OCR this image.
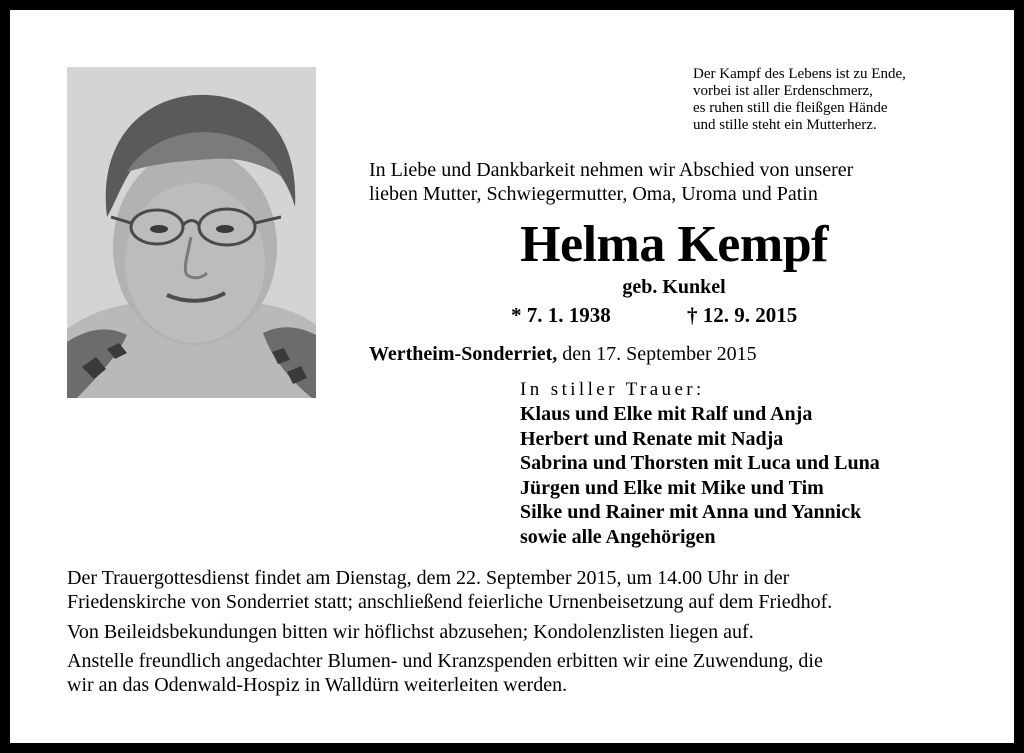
Der Kampf des Lebens ist zu Ende,
vorbei ist aller Erdenschmerz,
es ruhen still die fleißgen Hände
und stille steht ein Mutterherz.
In Liebe und Dankbarkeit nehmen wir Abschied von unserer
lieben Mutter, Schwiegermutter, Oma, Uroma und Patin
Helma Kempf
geb. Kunkel
* 7. 1. 1938	† 12. 9. 2015
Wertheim-Sonderriet, den 17. September 2015
In stiller Trauer:
Klaus und Elke mit Ralf und Anja
Herbert und Renate mit Nadja
Sabrina und Thorsten mit Luca und Luna
Jürgen und Elke mit Mike und Tim
Silke und Rainer mit Anna und Yannick
sowie alle Angehörigen
Der Trauergottesdienst findet am Dienstag, dem 22. September 2015, um 14.00 Uhr in der
Friedenskirche von Sonderriet statt; anschließend feierliche Urnenbeisetzung auf dem Friedhof.
Von Beileidsbekundungen bitten wir höflichst abzusehen; Kondolenzlisten liegen auf.
Anstelle freundlich angedachter Blumen- und Kranzspenden erbitten wir eine Zuwendung, die
wir an das Odenwald-Hospiz in Walldürn weiterleiten werden.
